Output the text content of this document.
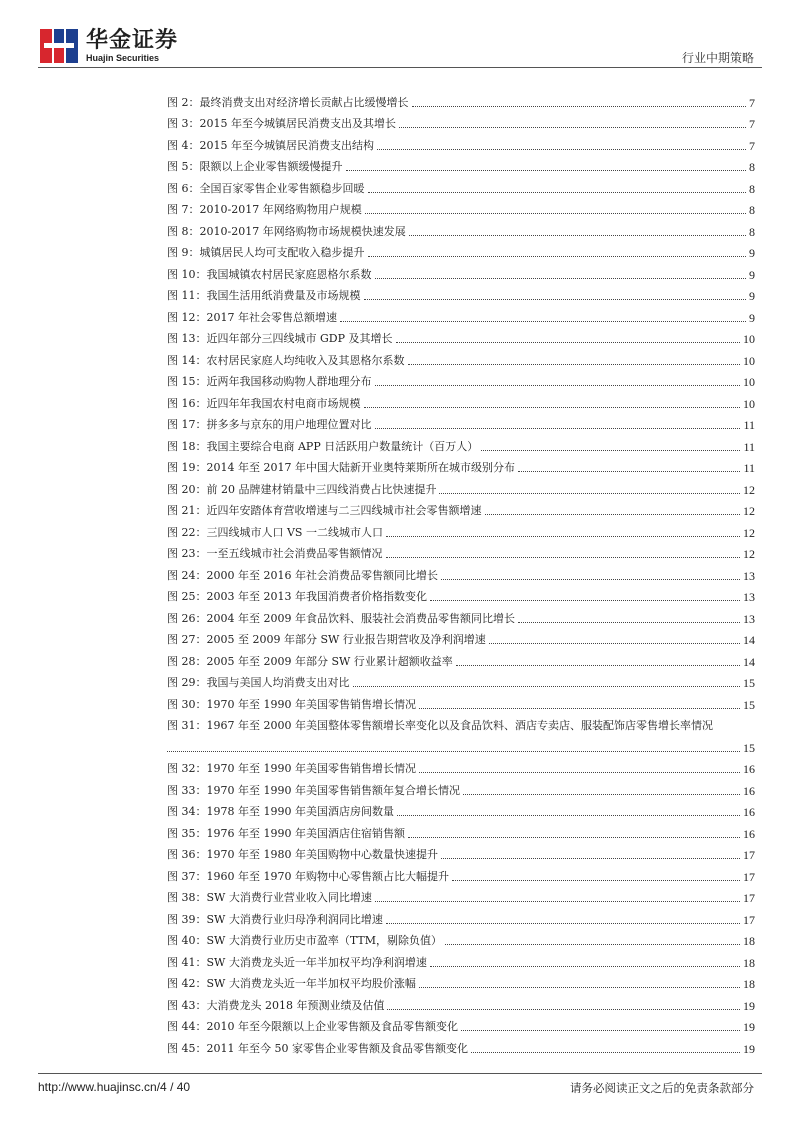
华金证券
Huajin Securities	行业中期策略
图 2：最终消费支出对经济增长贡献占比缓慢增长	7
图 3：2015 年至今城镇居民消费支出及其增长	7
图 4：2015 年至今城镇居民消费支出结构	7
图 5：限额以上企业零售额缓慢提升	8
图 6：全国百家零售企业零售额稳步回暖	8
图 7：2010-2017 年网络购物用户规模	8
图 8：2010-2017 年网络购物市场规模快速发展	8
图 9：城镇居民人均可支配收入稳步提升	9
图 10：我国城镇农村居民家庭恩格尔系数	9
图 11：我国生活用纸消费量及市场规模	9
图 12：2017 年社会零售总额增速	9
图 13：近四年部分三四线城市 GDP 及其增长	10
图 14：农村居民家庭人均纯收入及其恩格尔系数	10
图 15：近两年我国移动购物人群地理分布	10
图 16：近四年年我国农村电商市场规模	10
图 17：拼多多与京东的用户地理位置对比	11
图 18：我国主要综合电商 APP 日活跃用户数量统计（百万人）	11
图 19：2014 年至 2017 年中国大陆新开业奥特莱斯所在城市级别分布	11
图 20：前 20 品牌建材销量中三四线消费占比快速提升	12
图 21：近四年安踏体育营收增速与二三四线城市社会零售额增速	12
图 22：三四线城市人口 VS 一二线城市人口	12
图 23：一至五线城市社会消费品零售额情况	12
图 24：2000 年至 2016 年社会消费品零售额同比增长	13
图 25：2003 年至 2013 年我国消费者价格指数变化	13
图 26：2004 年至 2009 年食品饮料、服装社会消费品零售额同比增长	13
图 27：2005 至 2009 年部分 SW 行业报告期营收及净利润增速	14
图 28：2005 年至 2009 年部分 SW 行业累计超额收益率	14
图 29：我国与美国人均消费支出对比	15
图 30：1970 年至 1990 年美国零售销售增长情况	15
图 31：1967 年至 2000 年美国整体零售额增长率变化以及食品饮料、酒店专卖店、服装配饰店零售增长率情况
15
图 32：1970 年至 1990 年美国零售销售增长情况	16
图 33：1970 年至 1990 年美国零售销售额年复合增长情况	16
图 34：1978 年至 1990 年美国酒店房间数量	16
图 35：1976 年至 1990 年美国酒店住宿销售额	16
图 36：1970 年至 1980 年美国购物中心数量快速提升	17
图 37：1960 年至 1970 年购物中心零售额占比大幅提升	17
图 38：SW 大消费行业营业收入同比增速	17
图 39：SW 大消费行业归母净利润同比增速	17
图 40：SW 大消费行业历史市盈率（TTM，剔除负值）	18
图 41：SW 大消费龙头近一年半加权平均净利润增速	18
图 42：SW 大消费龙头近一年半加权平均股价涨幅	18
图 43：大消费龙头 2018 年预测业绩及估值	19
图 44：2010 年至今限额以上企业零售额及食品零售额变化	19
图 45：2011 年至今 50 家零售企业零售额及食品零售额变化	19
http://www.huajinsc.cn/4 / 40	请务必阅读正文之后的免责条款部分
